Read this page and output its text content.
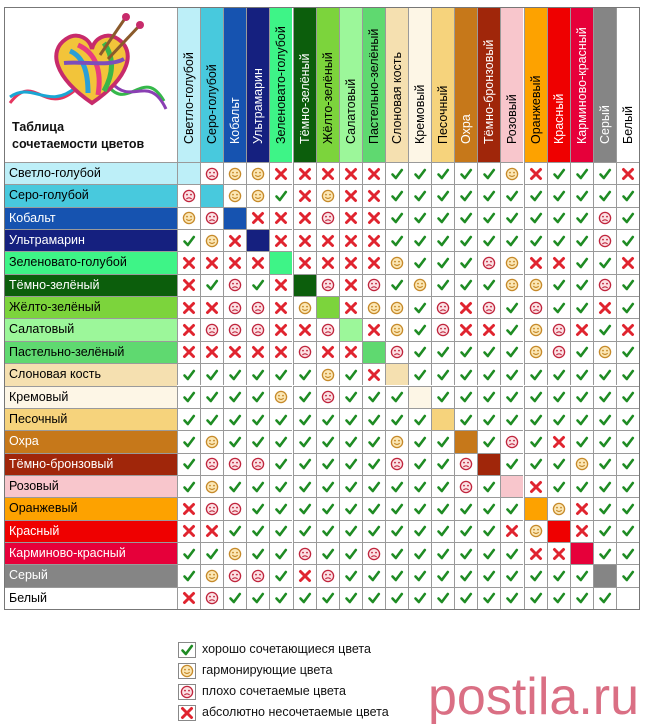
Таблица
сочетаемости цветов	Светло-голубой Серо-голубой Кобальт Ультрамарин Зеленовато-голубой Тёмно-зелёный Жёлто-зелёный Салатовый Пастельно-зелёный Слоновая кость Кремовый Песочный Охра Тёмно-бронзовый Розовый Оранжевый Красный Карминово-красный Серый Белый
Светло-голубой
Серо-голубой
Кобальт
Ультрамарин
Зеленовато-голубой
Тёмно-зелёный
Жёлто-зелёный
Салатовый
Пастельно-зелёный
Слоновая кость
Кремовый
Песочный
Охра
Тёмно-бронзовый
Розовый
Оранжевый
Красный
Карминово-красный
Серый
Белый
хорошо сочетающиеся цвета
гармонирующие цвета
плохо сочетаемые цвета
абсолютно несочетаемые цвета postila.ru
